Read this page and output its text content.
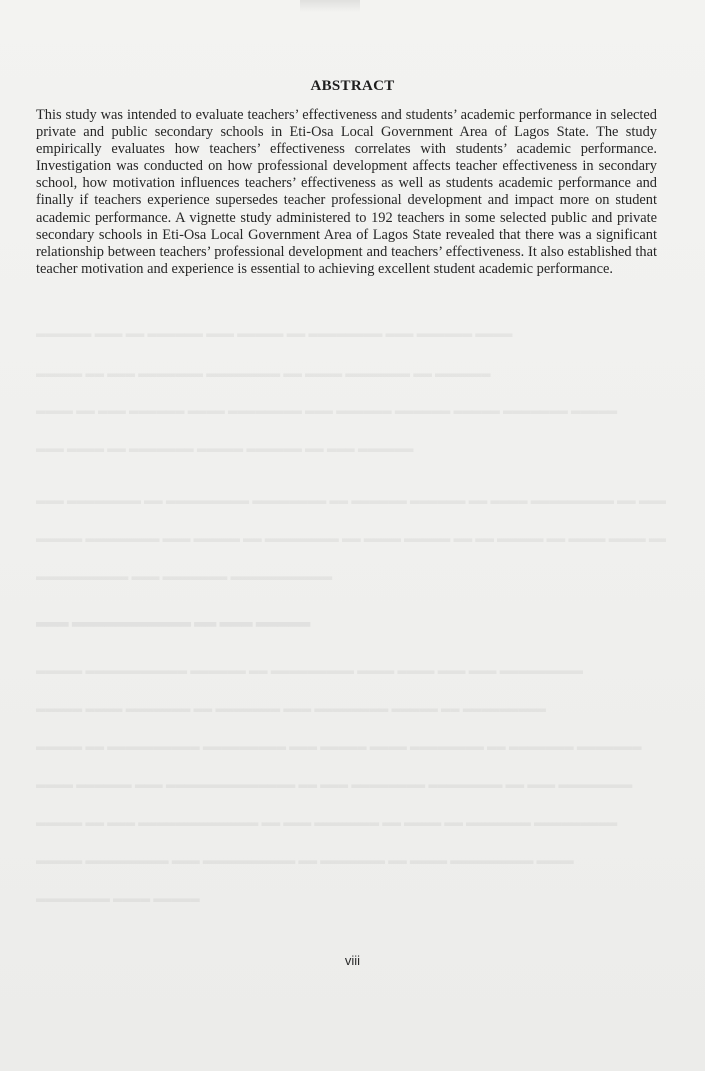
ABSTRACT

This study was intended to evaluate teachers’ effectiveness and students’ academic performance in selected private and public secondary schools in Eti-Osa Local Government Area of Lagos State. The study empirically evaluates how teachers’ effectiveness correlates with students’ academic performance. Investigation was conducted on how professional development affects teacher effectiveness in secondary school, how motivation influences teachers’ effectiveness as well as students academic performance and finally if teachers experience supersedes teacher professional development and impact more on student academic performance. A vignette study administered to 192 teachers in some selected public and private secondary schools in Eti-Osa Local Government Area of Lagos State revealed that there was a significant relationship between teachers’ professional development and teachers’ effectiveness. It also established that teacher motivation and experience is essential to achieving excellent student academic performance.

▂▂▂ ▂▂▂▂▂▂▂▂▂▂▂ ▂▂ ▂▂▂ ▂▂▂▂▂
viii
